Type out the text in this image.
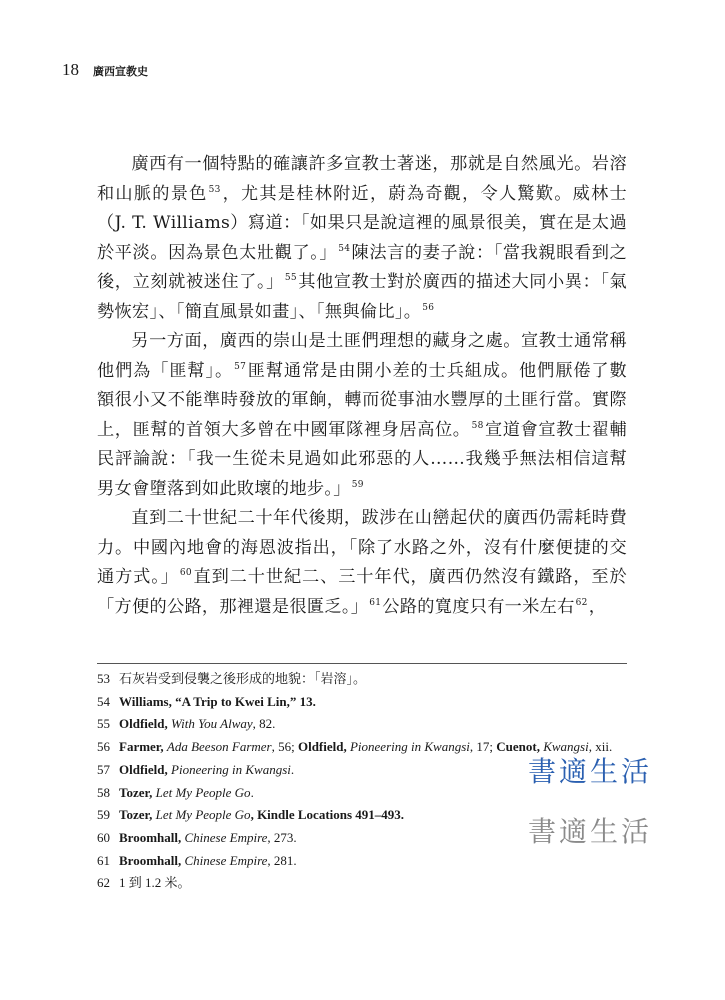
18 廣西宣教史

廣西有一個特點的確讓許多宣教士著迷，那就是自然風光。岩溶和山脈的景色$^{53}$，尤其是桂林附近，蔚為奇觀，令人驚歎。威林士（J. T. Williams）寫道：「如果只是說這裡的風景很美，實在是太過於平淡。因為景色太壯觀了。」$^{54}$陳法言的妻子說：「當我親眼看到之後，立刻就被迷住了。」$^{55}$其他宣教士對於廣西的描述大同小異：「氣勢恢宏」、「簡直風景如畫」、「無與倫比」。$^{56}$

另一方面，廣西的崇山是土匪們理想的藏身之處。宣教士通常稱他們為「匪幫」。$^{57}$匪幫通常是由開小差的士兵組成。他們厭倦了數額很小又不能準時發放的軍餉，轉而從事油水豐厚的土匪行當。實際上，匪幫的首領大多曾在中國軍隊裡身居高位。$^{58}$宣道會宣教士翟輔民評論說：「我一生從未見過如此邪惡的人……我幾乎無法相信這幫男女會墮落到如此敗壞的地步。」$^{59}$

直到二十世紀二十年代後期，跋涉在山巒起伏的廣西仍需耗時費力。中國內地會的海恩波指出，「除了水路之外，沒有什麼便捷的交通方式。」$^{60}$直到二十世紀二、三十年代，廣西仍然沒有鐵路，至於「方便的公路，那裡還是很匱乏。」$^{61}$公路的寬度只有一米左右$^{62}$，

53 石灰岩受到侵襲之後形成的地貌：「岩溶」。
54 Williams, “A Trip to Kwei Lin,” 13.
55 Oldfield, With You Alway, 82.
56 Farmer, Ada Beeson Farmer, 56; Oldfield, Pioneering in Kwangsi, 17; Cuenot, Kwangsi, xii.
57 Oldfield, Pioneering in Kwangsi.
58 Tozer, Let My People Go.
59 Tozer, Let My People Go, Kindle Locations 491–493.
60 Broomhall, Chinese Empire, 273.
61 Broomhall, Chinese Empire, 281.
62 1 到 1.2 米。
書適生活
書適生活
